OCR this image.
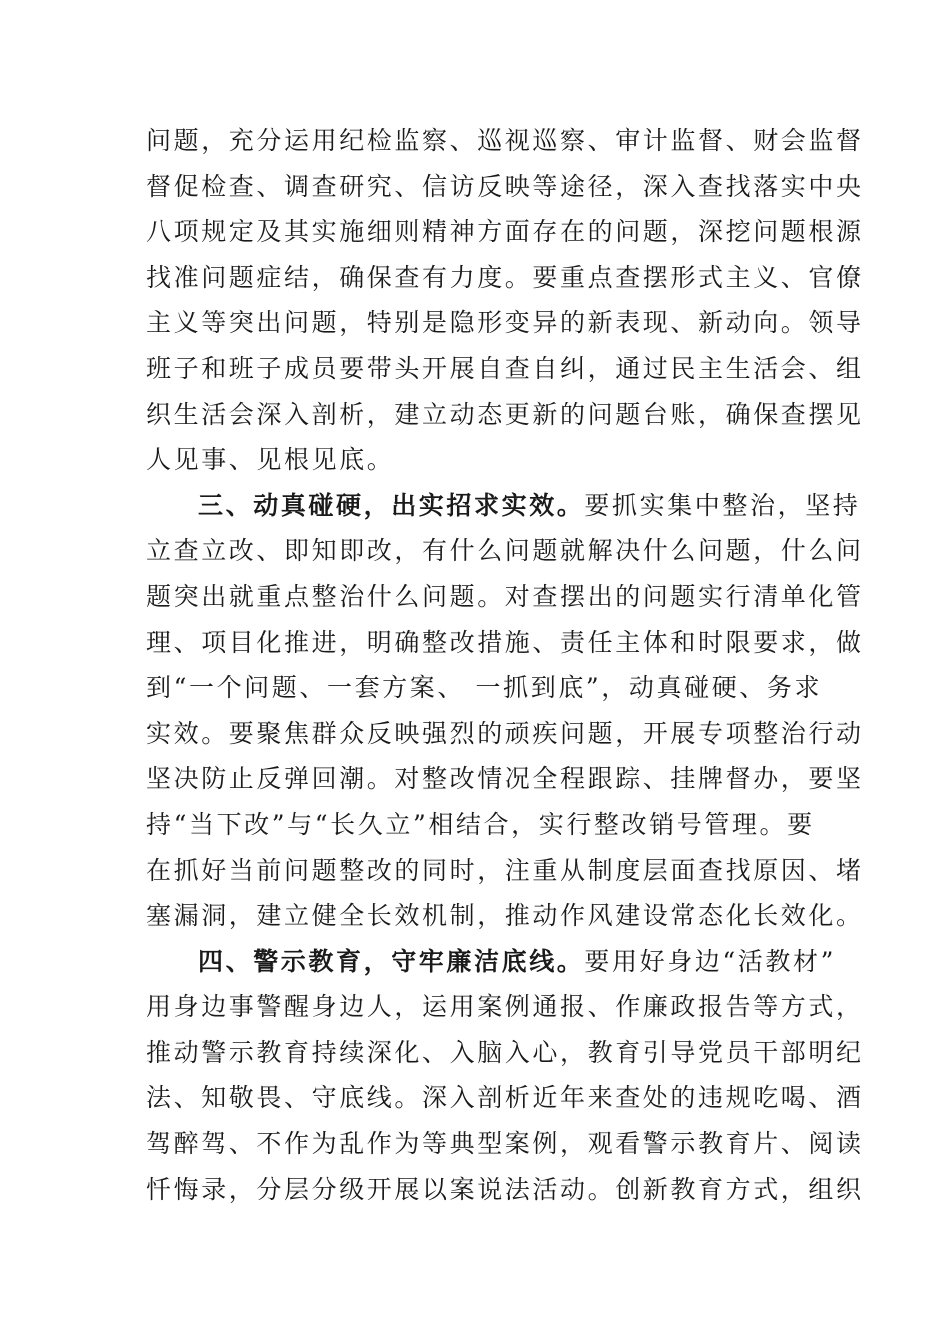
问题，充分运用纪检监察、巡视巡察、审计监督、财会监督
督促检查、调查研究、信访反映等途径，深入查找落实中央
八项规定及其实施细则精神方面存在的问题，深挖问题根源
找准问题症结，确保查有力度。要重点查摆形式主义、官僚
主义等突出问题，特别是隐形变异的新表现、新动向。领导
班子和班子成员要带头开展自查自纠，通过民主生活会、组
织生活会深入剖析，建立动态更新的问题台账，确保查摆见
人见事、见根见底。
三、动真碰硬，出实招求实效。要抓实集中整治，坚持
立查立改、即知即改，有什么问题就解决什么问题，什么问
题突出就重点整治什么问题。对查摆出的问题实行清单化管
理、项目化推进，明确整改措施、责任主体和时限要求，做
到“一个问题、一套方案、 一抓到底”，动真碰硬、务求
实效。要聚焦群众反映强烈的顽疾问题，开展专项整治行动
坚决防止反弹回潮。对整改情况全程跟踪、挂牌督办，要坚
持“当下改”与“长久立”相结合，实行整改销号管理。要
在抓好当前问题整改的同时，注重从制度层面查找原因、堵
塞漏洞，建立健全长效机制，推动作风建设常态化长效化。
四、警示教育，守牢廉洁底线。要用好身边“活教材”
用身边事警醒身边人，运用案例通报、作廉政报告等方式，
推动警示教育持续深化、入脑入心，教育引导党员干部明纪
法、知敬畏、守底线。深入剖析近年来查处的违规吃喝、酒
驾醉驾、不作为乱作为等典型案例，观看警示教育片、阅读
忏悔录，分层分级开展以案说法活动。创新教育方式，组织
